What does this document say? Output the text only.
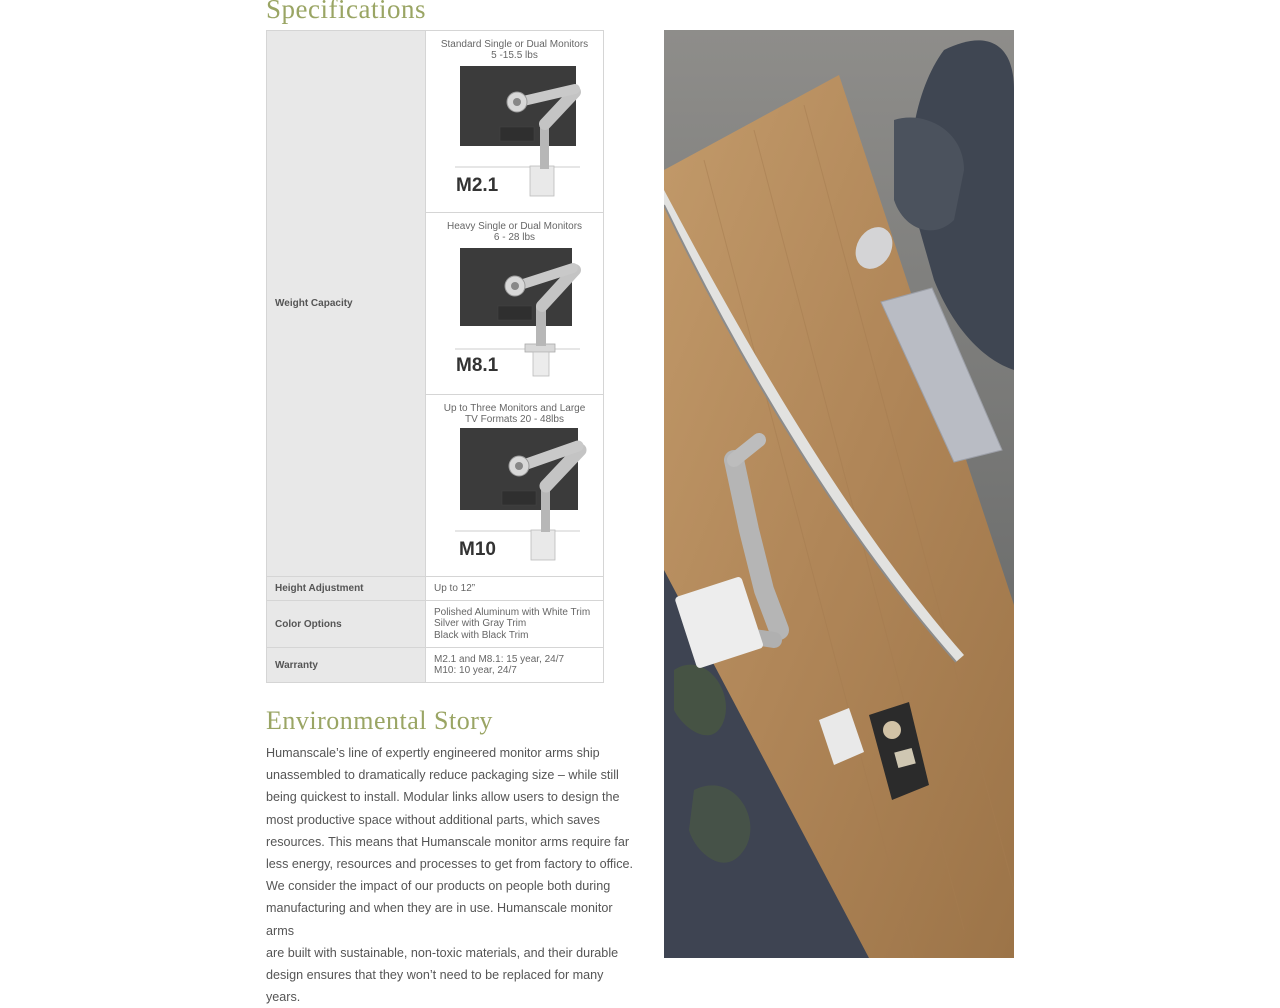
Specifications
Weight Capacity	Standard Single or Dual Monitors
5 -15.5 lbs
M2.1

	Heavy Single or Dual Monitors
6 - 28 lbs
M8.1

	Up to Three Monitors and Large
TV Formats 20 - 48lbs
M10

Height Adjustment	Up to 12”
Color Options	Polished Aluminum with White Trim
Silver with Gray Trim
Black with Black Trim

Warranty	M2.1 and M8.1: 15 year, 24/7
M10: 10 year, 24/7
Environmental Story
Humanscale’s line of expertly engineered monitor arms ship
unassembled to dramatically reduce packaging size – while still
being quickest to install. Modular links allow users to design the
most productive space without additional parts, which saves
resources. This means that Humanscale monitor arms require far
less energy, resources and processes to get from factory to office.
We consider the impact of our products on people both during
manufacturing and when they are in use. Humanscale monitor arms
are built with sustainable, non-toxic materials, and their durable
design ensures that they won’t need to be replaced for many years.
